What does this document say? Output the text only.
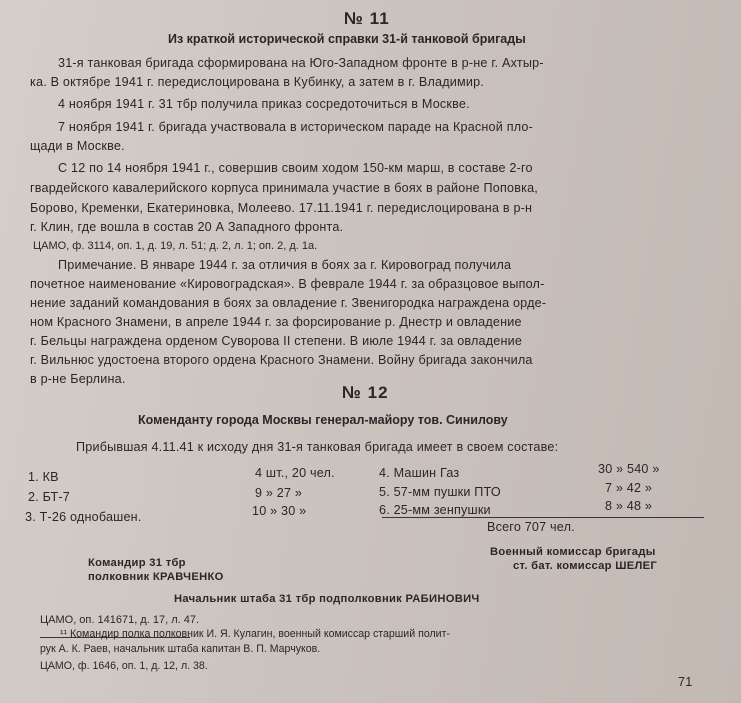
№ 11
Из краткой исторической справки 31-й танковой бригады
31-я танковая бригада сформирована на Юго-Западном фронте в р-не г. Ахтыр-
ка. В октябре 1941 г. передислоцирована в Кубинку, а затем в г. Владимир.
4 ноября 1941 г. 31 тбр получила приказ сосредоточиться в Москве.
7 ноября 1941 г. бригада участвовала в историческом параде на Красной пло-
щади в Москве.
С 12 по 14 ноября 1941 г., совершив своим ходом 150-км марш, в составе 2-го
гвардейского кавалерийского корпуса принимала участие в боях в районе Поповка,
Борово, Кременки, Екатериновка, Молеево. 17.11.1941 г. передислоцирована в р-н
г. Клин, где вошла в состав 20 А Западного фронта.
ЦАМО, ф. 3114, оп. 1, д. 19, л. 51; д. 2, л. 1; оп. 2, д. 1а.
Примечание. В январе 1944 г. за отличия в боях за г. Кировоград получила
почетное наименование «Кировоградская». В феврале 1944 г. за образцовое выпол-
нение заданий командования в боях за овладение г. Звенигородка награждена орде-
ном Красного Знамени, в апреле 1944 г. за форсирование р. Днестр и овладение
г. Бельцы награждена орденом Суворова II степени. В июле 1944 г. за овладение
г. Вильнюс удостоена второго ордена Красного Знамени. Войну бригада закончила
в р-не Берлина.
№ 12
Коменданту города Москвы генерал-майору тов. Синилову
Прибывшая 4.11.41 к исходу дня 31-я танковая бригада имеет в своем составе:
1. КВ	4 шт., 20 чел.
2. БТ-7	9 » 27 »
3. Т-26 однобашен.	10 » 30 »
4. Машин Газ	30 » 540 »
5. 57-мм пушки ПТО	7 » 42 »
6. 25-мм зенпушки	8 » 48 »
Всего 707 чел.
Военный комиссар бригады
ст. бат. комиссар ШЕЛЕГ
Командир 31 тбр
полковник КРАВЧЕНКО
Начальник штаба 31 тбр подполковник РАБИНОВИЧ
ЦАМО, оп. 141671, д. 17, л. 47.
¹¹ Командир полка полковник И. Я. Кулагин, военный комиссар старший полит-
рук А. К. Раев, начальник штаба капитан В. П. Марчуков.
ЦАМО, ф. 1646, оп. 1, д. 12, л. 38.
71
